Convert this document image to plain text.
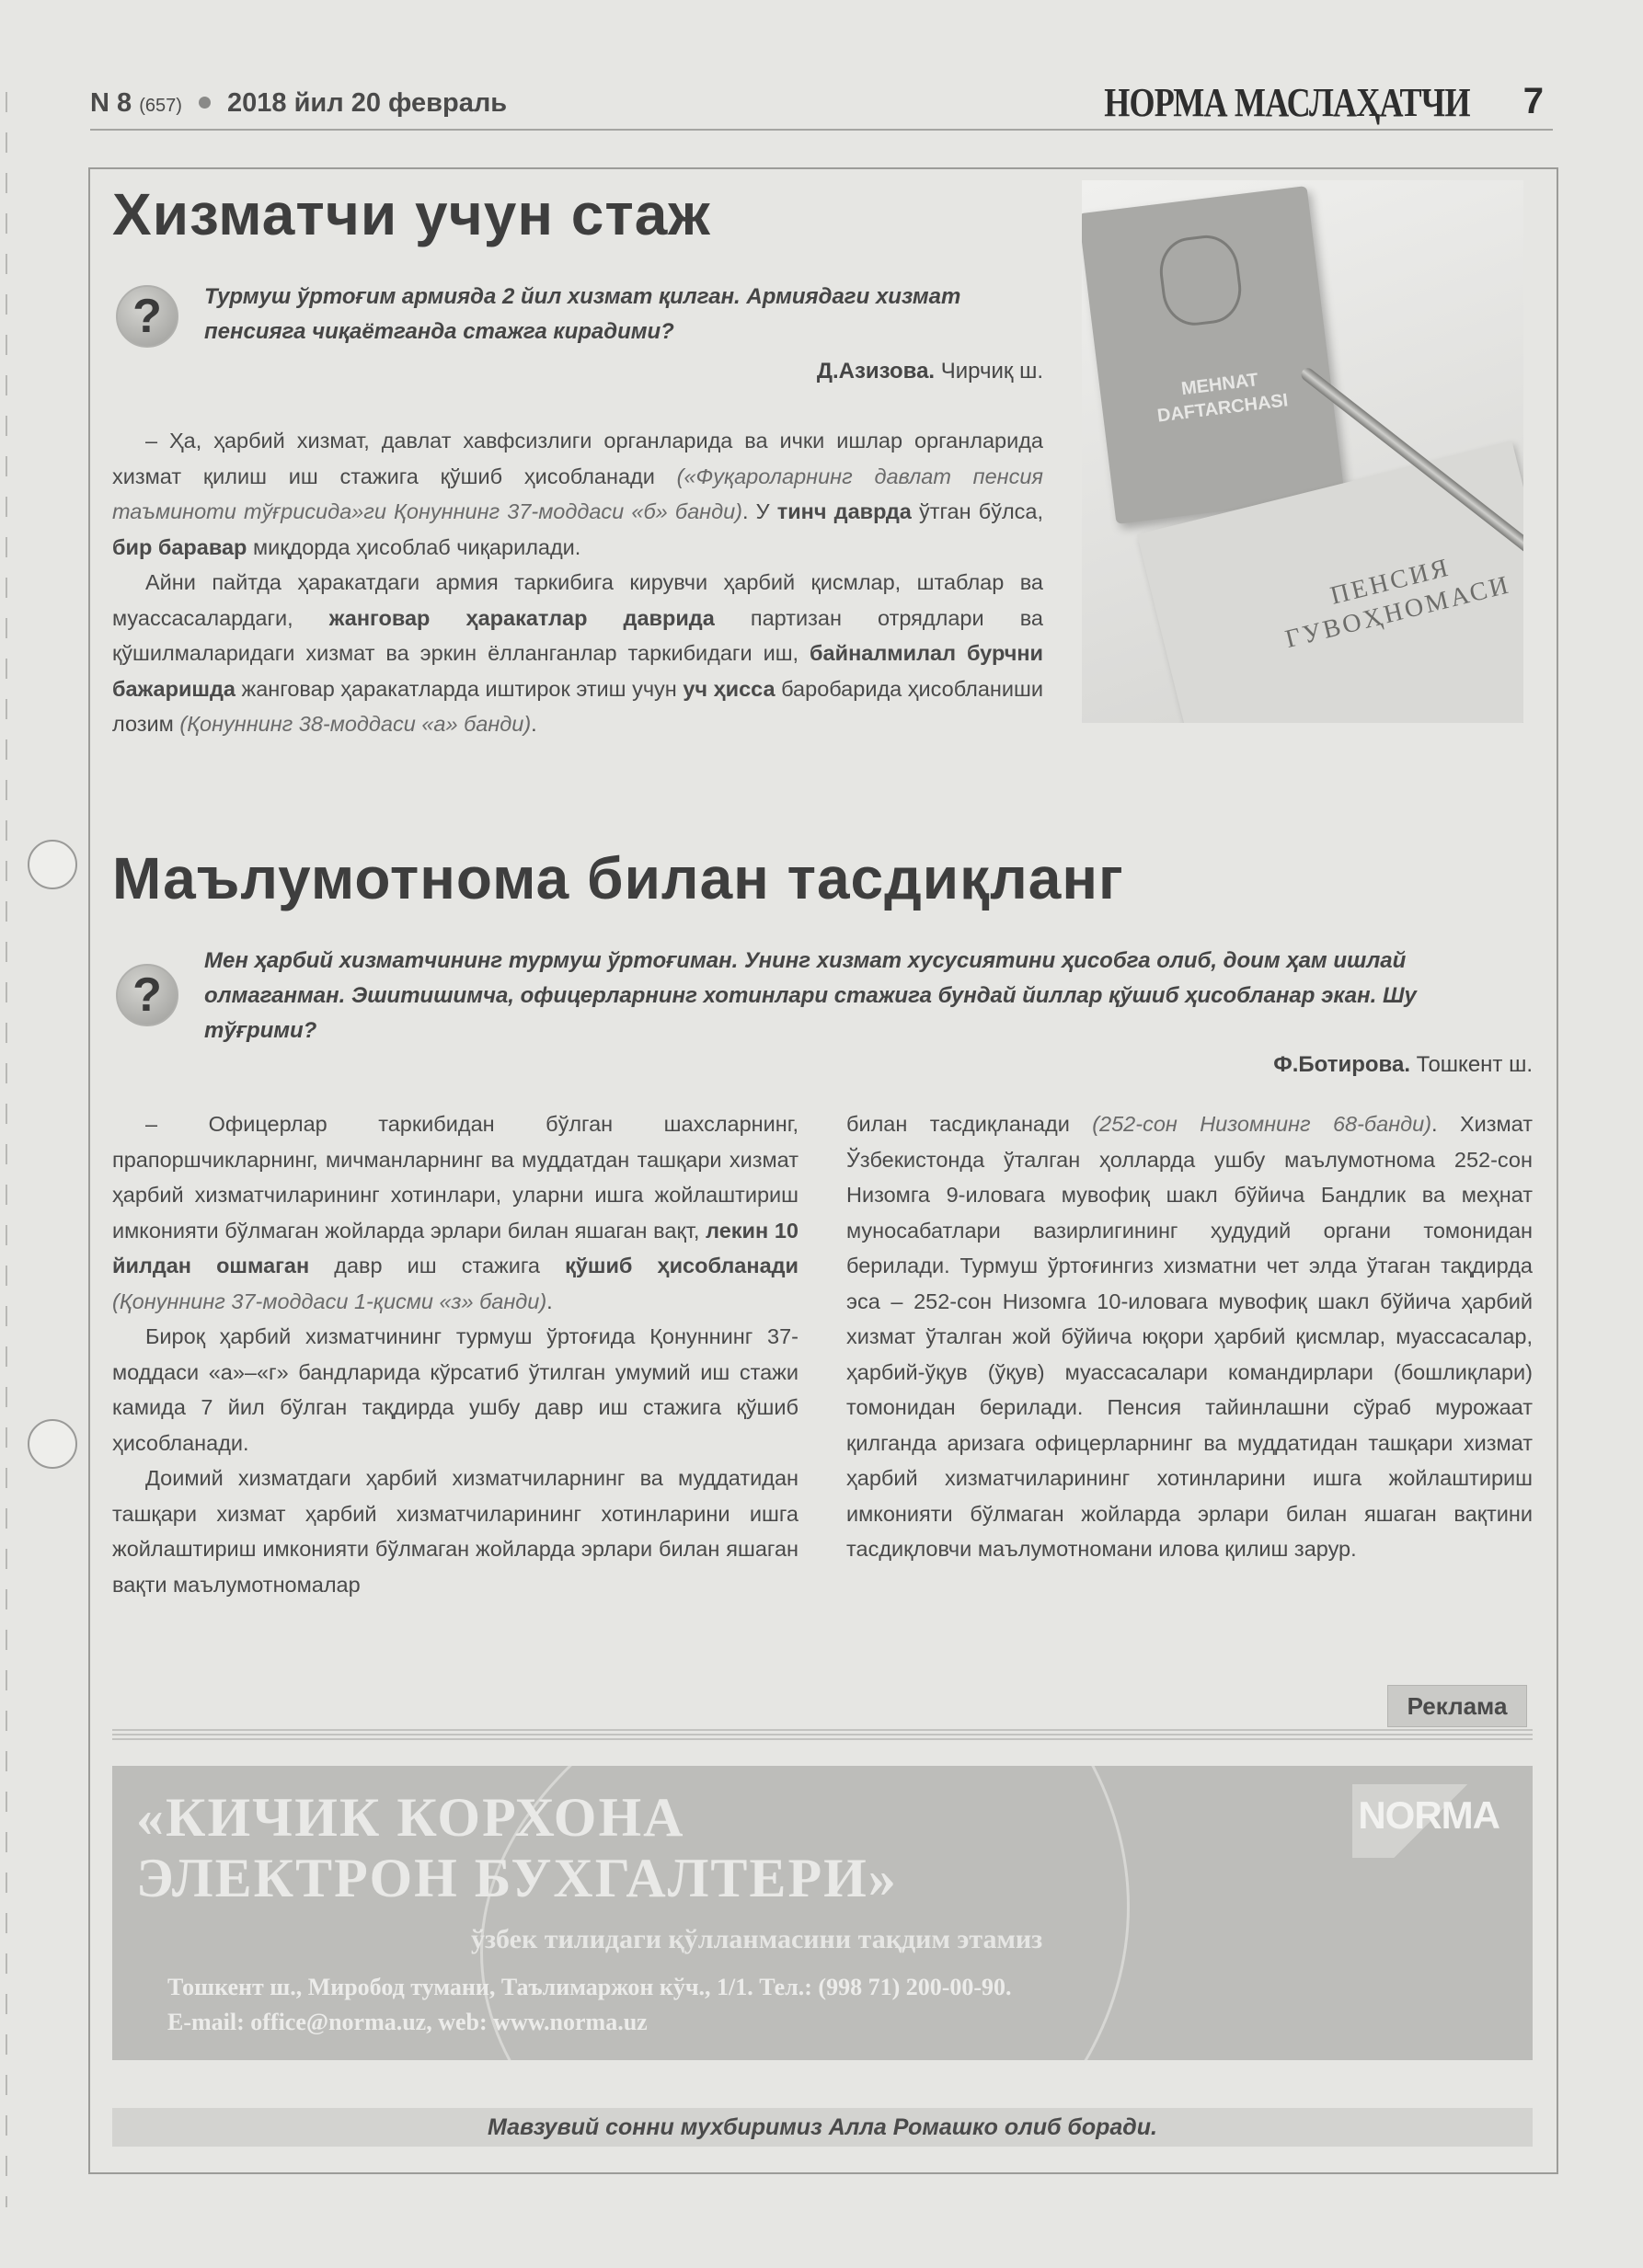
N 8 (657) 2018 йил 20 февраль	НОРМА МАСЛАҲАТЧИ 7
Хизматчи учун стаж
?	Турмуш ўртоғим армияда 2 йил хизмат қилган. Армиядаги хизмат пенсияга чиқаётганда стажга кирадими?
Д.Азизова. Чирчиқ ш.

– Ҳа, ҳарбий хизмат, давлат хавфсизлиги органларида ва ички ишлар органларида хизмат қилиш иш стажига қўшиб ҳисобланади («Фуқароларнинг давлат пенсия таъминоти тўғрисида»ги Қонуннинг 37-моддаси «б» банди). У тинч даврда ўтган бўлса, бир баравар миқдорда ҳисоблаб чиқарилади.

Айни пайтда ҳаракатдаги армия таркибига кирувчи ҳарбий қисмлар, штаблар ва муассасалардаги, жанговар ҳаракатлар даврида партизан отрядлари ва қўшилмаларидаги хизмат ва эркин ёлланганлар таркибидаги иш, байналмилал бурчни бажаришда жанговар ҳаракатларда иштирок этиш учун уч ҳисса баробарида ҳисобланиши лозим (Қонуннинг 38-моддаси «а» банди).

MEHNAT DAFTARCHASI
ПЕНСИЯ ГУВОҲНОМАСИ
Маълумотнома билан тасдиқланг
?
Мен ҳарбий хизматчининг турмуш ўртоғиман. Унинг хизмат хусусиятини ҳисобга олиб, доим ҳам ишлай олмаганман. Эшитишимча, офицерларнинг хотинлари стажига бундай йиллар қўшиб ҳисобланар экан. Шу тўғрими?
Ф.Ботирова. Тошкент ш.

– Офицерлар таркибидан бўлган шахсларнинг, прапоршчикларнинг, мичманларнинг ва муддатдан ташқари хизмат ҳарбий хизматчиларининг хотинлари, уларни ишга жойлаштириш имконияти бўлмаган жойларда эрлари билан яшаган вақт, лекин 10 йилдан ошмаган давр иш стажига қўшиб ҳисобланади (Қонуннинг 37-моддаси 1-қисми «з» банди).

Бироқ ҳарбий хизматчининг турмуш ўртоғида Қонуннинг 37-моддаси «а»–«г» бандларида кўрсатиб ўтилган умумий иш стажи камида 7 йил бўлган тақдирда ушбу давр иш стажига қўшиб ҳисобланади.

Доимий хизматдаги ҳарбий хизматчиларнинг ва муддатидан ташқари хизмат ҳарбий хизматчиларининг хотинларини ишга жойлаштириш имконияти бўлмаган жойларда эрлари билан яшаган вақти маълумотномалар

билан тасдиқланади (252-сон Низомнинг 68-банди). Хизмат Ўзбекистонда ўталган ҳолларда ушбу маълумотнома 252-сон Низомга 9-иловага мувофиқ шакл бўйича Бандлик ва меҳнат муносабатлари вазирлигининг ҳудудий органи томонидан берилади. Турмуш ўртоғингиз хизматни чет элда ўтаган тақдирда эса – 252-сон Низомга 10-иловага мувофиқ шакл бўйича ҳарбий хизмат ўталган жой бўйича юқори ҳарбий қисмлар, муассасалар, ҳарбий-ўқув (ўқув) муассасалари командирлари (бошлиқлари) томонидан берилади. Пенсия тайинлашни сўраб мурожаат қилганда аризага офицерларнинг ва муддатидан ташқари хизмат ҳарбий хизматчиларининг хотинларини ишга жойлаштириш имконияти бўлмаган жойларда эрлари билан яшаган вақтини тасдиқловчи маълумотномани илова қилиш зарур.

Реклама
«КИЧИК КОРХОНА
ЭЛЕКТРОН БУХГАЛТЕРИ»
ўзбек тилидаги қўлланмасини тақдим этамиз
Тошкент ш., Миробод тумани, Таълимаржон кўч., 1/1. Тел.: (998 71) 200-00-90.
E-mail: office@norma.uz, web: www.norma.uz
NORMA
Мавзувий сонни мухбиримиз Алла Ромашко олиб боради.
